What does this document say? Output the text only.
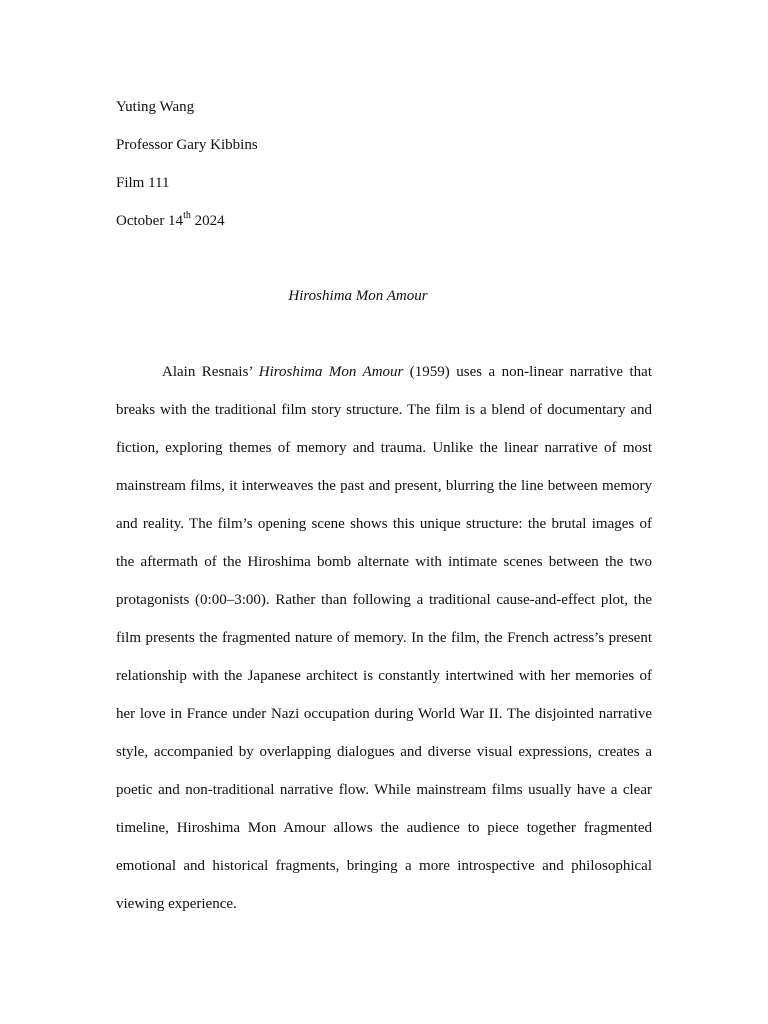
Yuting Wang
Professor Gary Kibbins
Film 111
October 14th 2024
Hiroshima Mon Amour
Alain Resnais’ Hiroshima Mon Amour (1959) uses a non-linear narrative that
breaks with the traditional film story structure. The film is a blend of documentary and
fiction, exploring themes of memory and trauma. Unlike the linear narrative of most
mainstream films, it interweaves the past and present, blurring the line between memory
and reality. The film’s opening scene shows this unique structure: the brutal images of
the aftermath of the Hiroshima bomb alternate with intimate scenes between the two
protagonists (0:00–3:00). Rather than following a traditional cause-and-effect plot, the
film presents the fragmented nature of memory. In the film, the French actress’s present
relationship with the Japanese architect is constantly intertwined with her memories of
her love in France under Nazi occupation during World War II. The disjointed narrative
style, accompanied by overlapping dialogues and diverse visual expressions, creates a
poetic and non-traditional narrative flow. While mainstream films usually have a clear
timeline, Hiroshima Mon Amour allows the audience to piece together fragmented
emotional and historical fragments, bringing a more introspective and philosophical
viewing experience.
